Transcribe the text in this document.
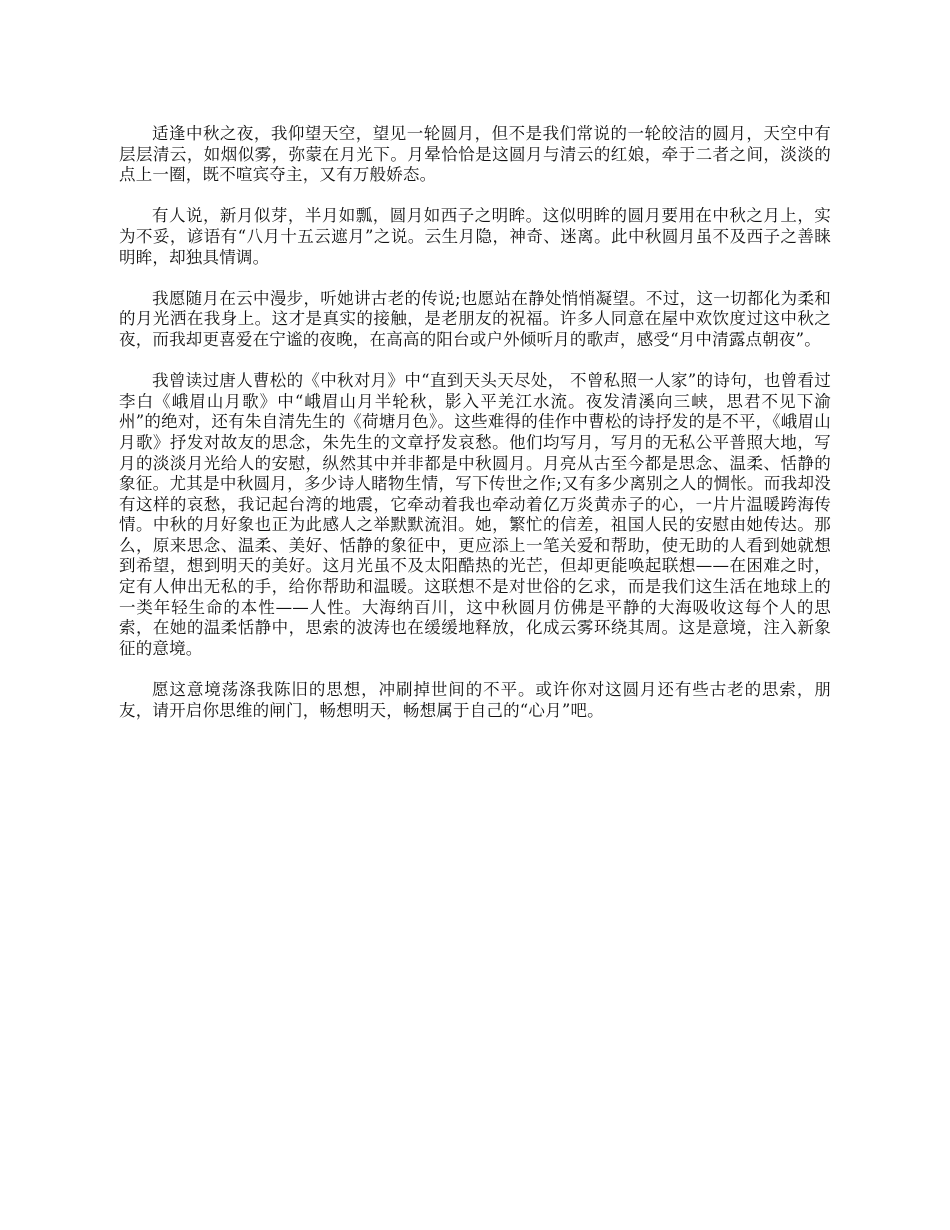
适逢中秋之夜，我仰望天空，望见一轮圆月，但不是我们常说的一轮皎洁的圆月，天空中有层层清云，如烟似雾，弥蒙在月光下。月晕恰恰是这圆月与清云的红娘，牵于二者之间，淡淡的点上一圈，既不喧宾夺主，又有万般娇态。

有人说，新月似芽，半月如瓢，圆月如西子之明眸。这似明眸的圆月要用在中秋之月上，实为不妥，谚语有“八月十五云遮月”之说。云生月隐，神奇、迷离。此中秋圆月虽不及西子之善睐明眸，却独具情调。

我愿随月在云中漫步，听她讲古老的传说;也愿站在静处悄悄凝望。不过，这一切都化为柔和的月光洒在我身上。这才是真实的接触，是老朋友的祝福。许多人同意在屋中欢饮度过这中秋之夜，而我却更喜爱在宁谧的夜晚，在高高的阳台或户外倾听月的歌声，感受“月中清露点朝夜”。

我曾读过唐人曹松的《中秋对月》中“直到天头天尽处， 不曾私照一人家”的诗句，也曾看过李白《峨眉山月歌》中“峨眉山月半轮秋，影入平羌江水流。夜发清溪向三峡，思君不见下渝州”的绝对，还有朱自清先生的《荷塘月色》。这些难得的佳作中曹松的诗抒发的是不平，《峨眉山月歌》抒发对故友的思念，朱先生的文章抒发哀愁。他们均写月，写月的无私公平普照大地，写月的淡淡月光给人的安慰，纵然其中并非都是中秋圆月。月亮从古至今都是思念、温柔、恬静的象征。尤其是中秋圆月，多少诗人睹物生情，写下传世之作;又有多少离别之人的惆怅。而我却没有这样的哀愁，我记起台湾的地震，它牵动着我也牵动着亿万炎黄赤子的心，一片片温暖跨海传情。中秋的月好象也正为此感人之举默默流泪。她，繁忙的信差，祖国人民的安慰由她传达。那么，原来思念、温柔、美好、恬静的象征中，更应添上一笔关爱和帮助，使无助的人看到她就想到希望，想到明天的美好。这月光虽不及太阳酷热的光芒，但却更能唤起联想——在困难之时，定有人伸出无私的手，给你帮助和温暖。这联想不是对世俗的乞求，而是我们这生活在地球上的一类年轻生命的本性——人性。大海纳百川，这中秋圆月仿佛是平静的大海吸收这每个人的思索，在她的温柔恬静中，思索的波涛也在缓缓地释放，化成云雾环绕其周。这是意境，注入新象征的意境。

愿这意境荡涤我陈旧的思想，冲刷掉世间的不平。或许你对这圆月还有些古老的思索，朋友，请开启你思维的闸门，畅想明天，畅想属于自己的“心月”吧。
